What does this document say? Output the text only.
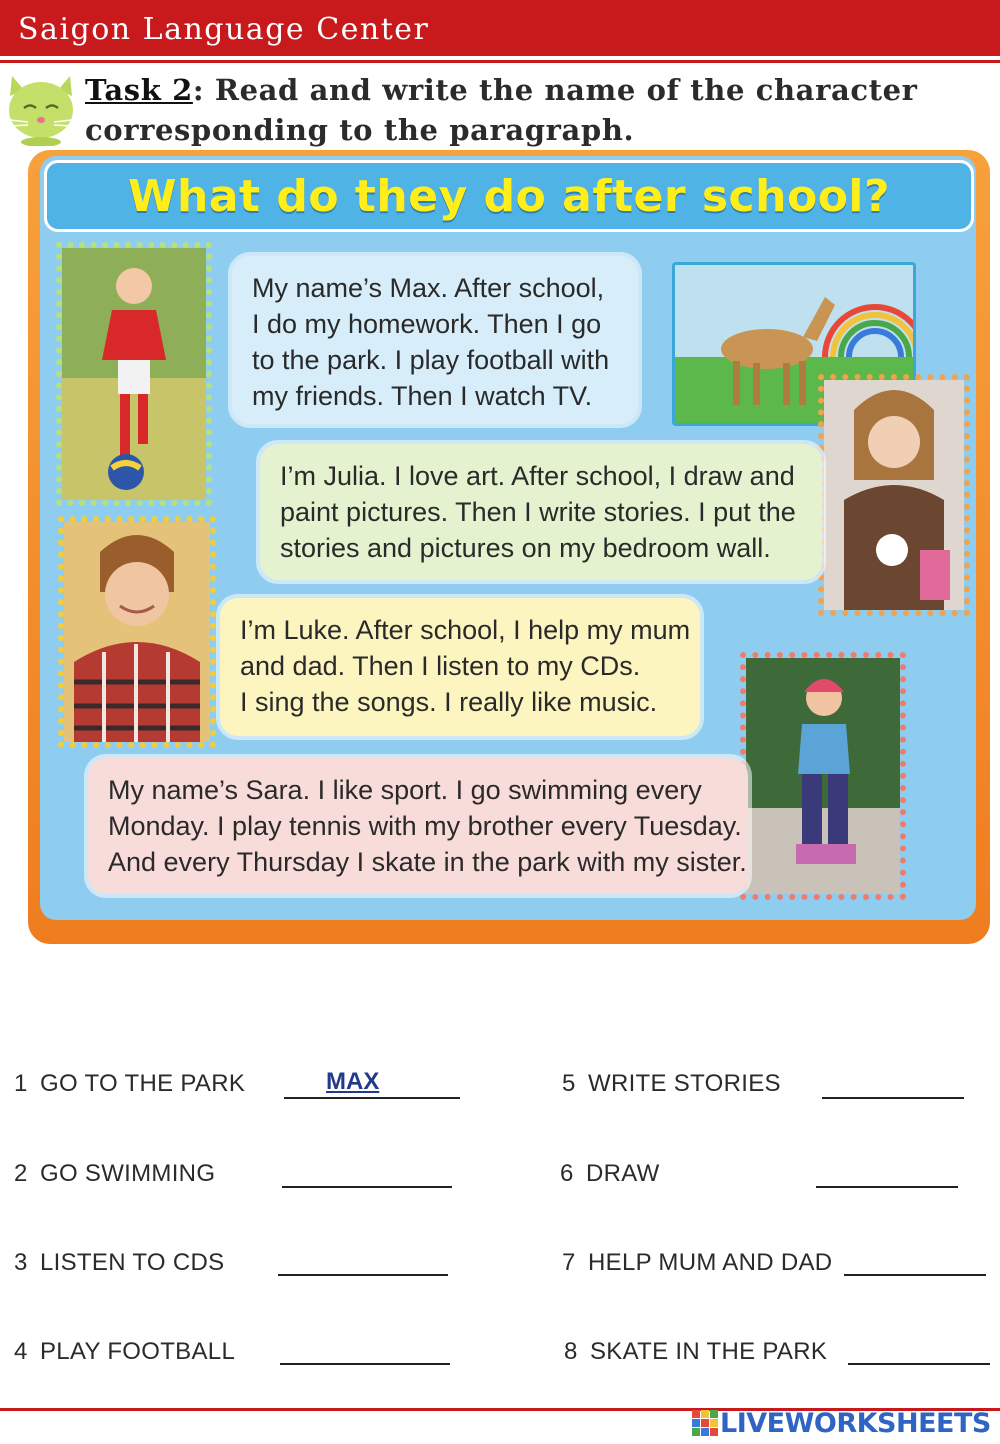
Saigon Language Center
Task 2: Read and write the name of the character corresponding to the paragraph.
What do they do after school?
My name’s Max. After school,
I do my homework. Then I go
to the park. I play football with
my friends. Then I watch TV.
I’m Julia. I love art. After school, I draw and
paint pictures. Then I write stories. I put the
stories and pictures on my bedroom wall.
I’m Luke. After school, I help my mum
and dad. Then I listen to my CDs.
I sing the songs. I really like music.
My name’s Sara. I like sport. I go swimming every
Monday. I play tennis with my brother every Tuesday.
And every Thursday I skate in the park with my sister.
1 GO TO THE PARK	MAX
2 GO SWIMMING
3 LISTEN TO CDS
4 PLAY FOOTBALL
5 WRITE STORIES
6 DRAW
7 HELP MUM AND DAD
8 SKATE IN THE PARK
LIVEWORKSHEETS
